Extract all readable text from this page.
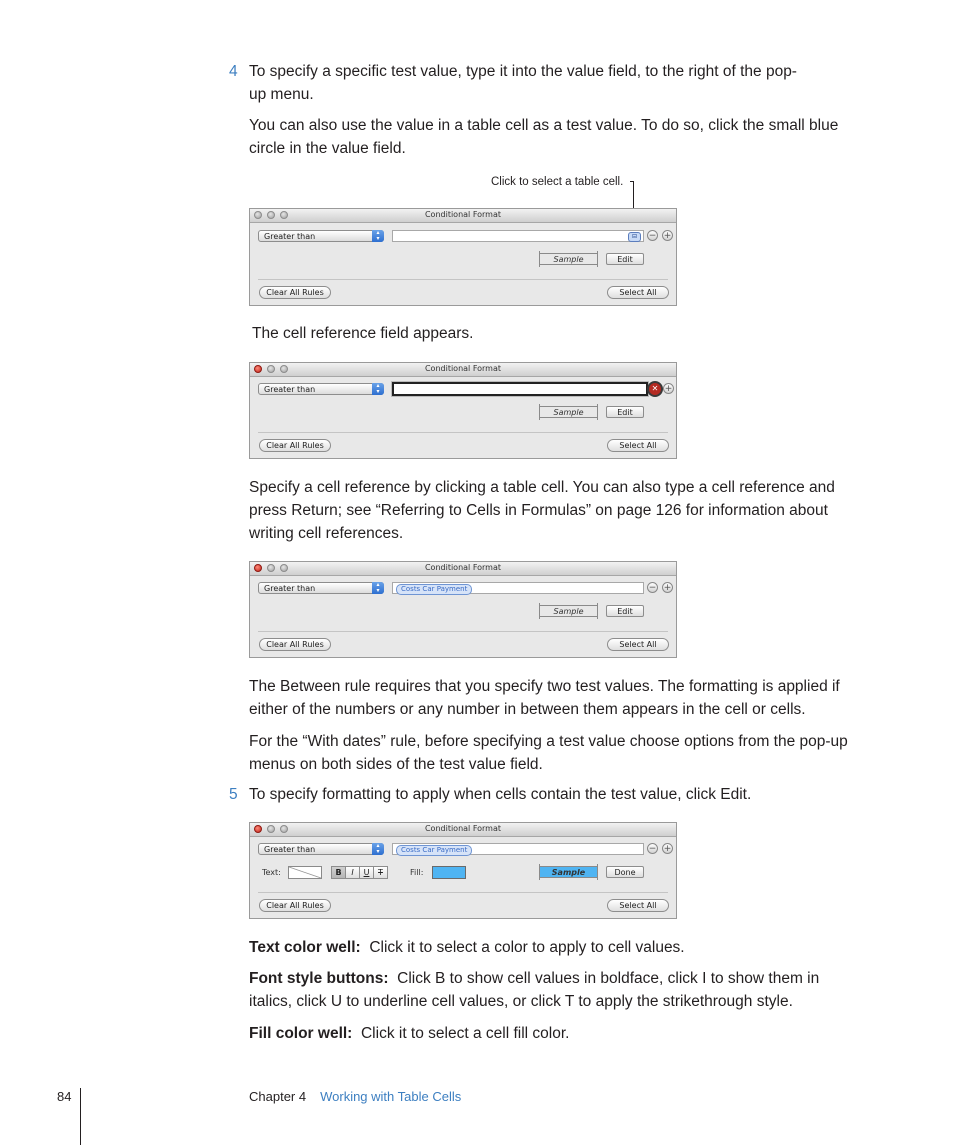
4 To specify a specific test value, type it into the value field, to the right of the pop-up menu.

You can also use the value in a table cell as a test value. To do so, click the small blue circle in the value field.

Click to select a table cell.
Conditional Format
Greater than	▴
▾	⊟	− +
Sample	Edit
Clear All Rules	Select All

The cell reference field appears.

Conditional Format
Greater than	▴
▾	✕ +
Sample	Edit
Clear All Rules	Select All

Specify a cell reference by clicking a table cell. You can also type a cell reference and press Return; see “Referring to Cells in Formulas” on page 126 for information about writing cell references.

Conditional Format
Greater than	▴
▾	Costs Car Payment	− +
Sample	Edit
Clear All Rules	Select All

The Between rule requires that you specify two test values. The formatting is applied if either of the numbers or any number in between them appears in the cell or cells.

For the “With dates” rule, before specifying a test value choose options from the pop-up menus on both sides of the test value field.

5 To specify formatting to apply when cells contain the test value, click Edit.

Conditional Format
Greater than	▴
▾	Costs Car Payment	− +
Text:	B	I	U	T	Fill:	Sample	Done
Clear All Rules	Select All

Text color well: Click it to select a color to apply to cell values.

Font style buttons: Click B to show cell values in boldface, click I to show them in italics, click U to underline cell values, or click T to apply the strikethrough style.

Fill color well: Click it to select a cell fill color.

84	Chapter 4 Working with Table Cells
